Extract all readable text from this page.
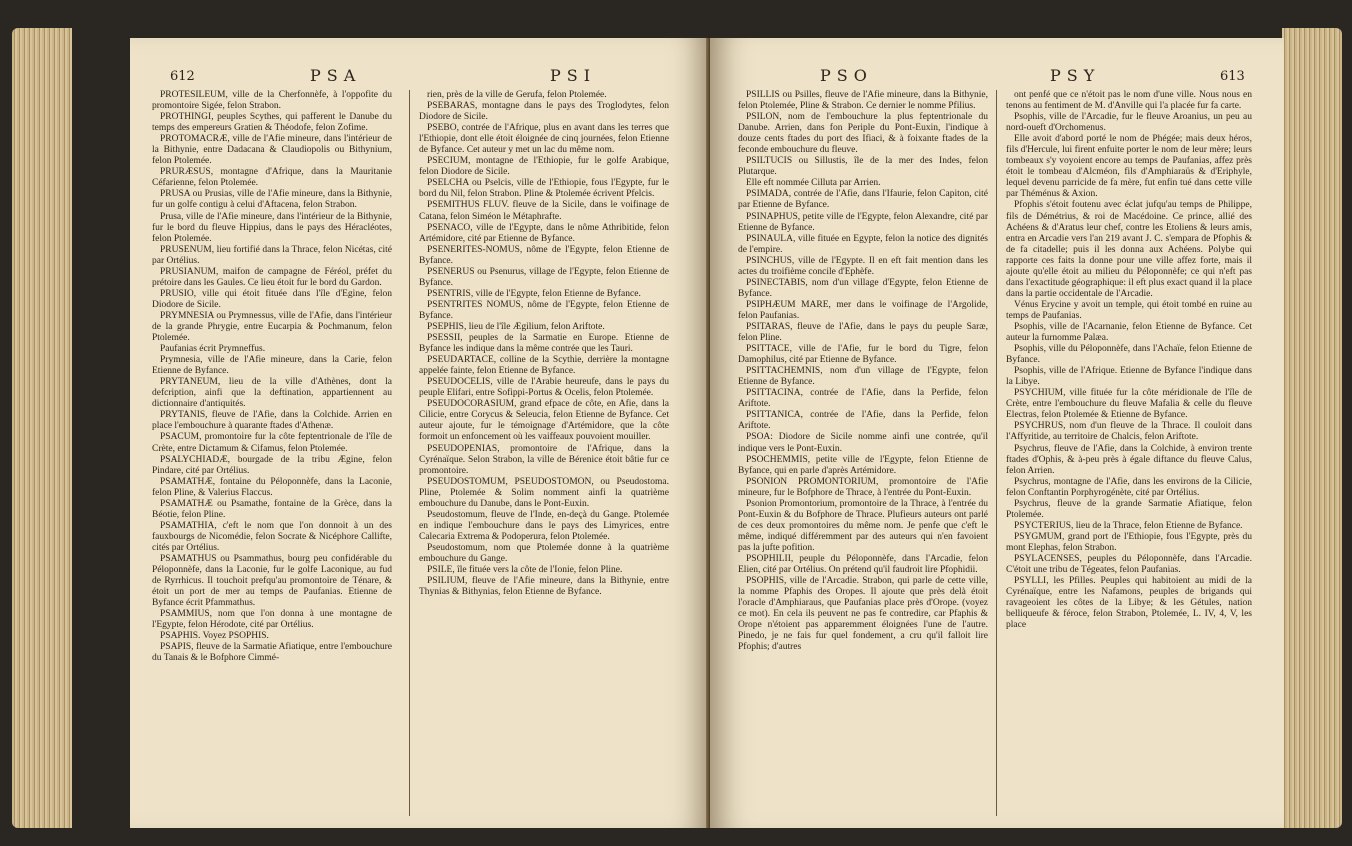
612	PSA	PSI

PROTESILEUM, ville de la Cherfonnèfe, à l'oppofite du promontoire Sigée, felon Strabon.

PROTHINGI, peuples Scythes, qui pafferent le Danube du temps des empereurs Gratien & Théodofe, felon Zofime.

PROTOMACRÆ, ville de l'Afie mineure, dans l'intérieur de la Bithynie, entre Dadacana & Claudiopolis ou Bithynium, felon Ptolemée.

PRURÆSUS, montagne d'Afrique, dans la Mauritanie Céfarienne, felon Ptolemée.

PRUSA ou Prusias, ville de l'Afie mineure, dans la Bithynie, fur un golfe contigu à celui d'Aftacena, felon Strabon.

Prusa, ville de l'Afie mineure, dans l'intérieur de la Bithynie, fur le bord du fleuve Hippius, dans le pays des Héracléotes, felon Ptolemée.

PRUSENUM, lieu fortifié dans la Thrace, felon Nicétas, cité par Ortélius.

PRUSIANUM, maifon de campagne de Féréol, préfet du prétoire dans les Gaules. Ce lieu étoit fur le bord du Gardon.

PRUSIO, ville qui étoit fituée dans l'île d'Egine, felon Diodore de Sicile.

PRYMNESIA ou Prymnessus, ville de l'Afie, dans l'intérieur de la grande Phrygie, entre Eucarpia & Pochmanum, felon Ptolemée.

Paufanias écrit Prymneffus.

Prymnesia, ville de l'Afie mineure, dans la Carie, felon Etienne de Byfance.

PRYTANEUM, lieu de la ville d'Athènes, dont la defcription, ainfi que la deftination, appartiennent au dictionnaire d'antiquités.

PRYTANIS, fleuve de l'Afie, dans la Colchide. Arrien en place l'embouchure à quarante ftades d'Athenæ.

PSACUM, promontoire fur la côte feptentrionale de l'île de Crète, entre Dictamum & Cifamus, felon Ptolemée.

PSALYCHIADÆ, bourgade de la tribu Ægine, felon Pindare, cité par Ortélius.

PSAMATHÆ, fontaine du Péloponnèfe, dans la Laconie, felon Pline, & Valerius Flaccus.

PSAMATHÆ ou Psamathe, fontaine de la Grèce, dans la Béotie, felon Pline.

PSAMATHIA, c'eft le nom que l'on donnoit à un des fauxbourgs de Nicomédie, felon Socrate & Nicéphore Callifte, cités par Ortélius.

PSAMATHUS ou Psammathus, bourg peu confidérable du Péloponnèfe, dans la Laconie, fur le golfe Laconique, au fud de Ryrrhicus. Il touchoit prefqu'au promontoire de Ténare, & étoit un port de mer au temps de Paufanias. Etienne de Byfance écrit Pfammathus.

PSAMMIUS, nom que l'on donna à une montagne de l'Egypte, felon Hérodote, cité par Ortélius.

PSAPHIS. Voyez PSOPHIS.

PSAPIS, fleuve de la Sarmatie Afiatique, entre l'embouchure du Tanais & le Bofphore Cimmé-

rien, près de la ville de Gerufa, felon Ptolemée.

PSEBARAS, montagne dans le pays des Troglodytes, felon Diodore de Sicile.

PSEBO, contrée de l'Afrique, plus en avant dans les terres que l'Ethiopie, dont elle étoit éloignée de cinq journées, felon Etienne de Byfance. Cet auteur y met un lac du même nom.

PSECIUM, montagne de l'Ethiopie, fur le golfe Arabique, felon Diodore de Sicile.

PSELCHA ou Pselcis, ville de l'Ethiopie, fous l'Egypte, fur le bord du Nil, felon Strabon. Pline & Ptolemée écrivent Pfelcis.

PSEMITHUS FLUV. fleuve de la Sicile, dans le voifinage de Catana, felon Siméon le Métaphrafte.

PSENACO, ville de l'Egypte, dans le nôme Athribitide, felon Artémidore, cité par Etienne de Byfance.

PSENERITES-NOMUS, nôme de l'Egypte, felon Etienne de Byfance.

PSENERUS ou Psenurus, village de l'Egypte, felon Etienne de Byfance.

PSENTRIS, ville de l'Egypte, felon Etienne de Byfance.

PSENTRITES NOMUS, nôme de l'Egypte, felon Etienne de Byfance.

PSEPHIS, lieu de l'île Ægilium, felon Ariftote.

PSESSII, peuples de la Sarmatie en Europe. Etienne de Byfance les indique dans la même contrée que les Tauri.

PSEUDARTACE, colline de la Scythie, derrière la montagne appelée fainte, felon Etienne de Byfance.

PSEUDOCELIS, ville de l'Arabie heureufe, dans le pays du peuple Elifari, entre Sofippi-Portus & Ocelis, felon Ptolemée.

PSEUDOCORASIUM, grand efpace de côte, en Afie, dans la Cilicie, entre Corycus & Seleucia, felon Etienne de Byfance. Cet auteur ajoute, fur le témoignage d'Artémidore, que la côte formoit un enfoncement où les vaiffeaux pouvoient mouiller.

PSEUDOPENIAS, promontoire de l'Afrique, dans la Cyrénaïque. Selon Strabon, la ville de Bérenice étoit bâtie fur ce promontoire.

PSEUDOSTOMUM, PSEUDOSTOMON, ou Pseudostoma. Pline, Ptolemée & Solim nomment ainfi la quatrième embouchure du Danube, dans le Pont-Euxin.

Pseudostomum, fleuve de l'Inde, en-deçà du Gange. Ptolemée en indique l'embouchure dans le pays des Limyrices, entre Calecaria Extrema & Podoperura, felon Ptolemée.

Pseudostomum, nom que Ptolemée donne à la quatrième embouchure du Gange.

PSILE, île fituée vers la côte de l'Ionie, felon Pline.

PSILIUM, fleuve de l'Afie mineure, dans la Bithynie, entre Thynias & Bithynias, felon Etienne de Byfance.

PSO	PSY	613

PSILLIS ou Psilles, fleuve de l'Afie mineure, dans la Bithynie, felon Ptolemée, Pline & Strabon. Ce dernier le nomme Pfilius.

PSILON, nom de l'embouchure la plus feptentrionale du Danube. Arrien, dans fon Periple du Pont-Euxin, l'indique à douze cents ftades du port des Ifiaci, & à foixante ftades de la feconde embouchure du fleuve.

PSILTUCIS ou Sillustis, île de la mer des Indes, felon Plutarque.

Elle eft nommée Cilluta par Arrien.

PSIMADA, contrée de l'Afie, dans l'Ifaurie, felon Capiton, cité par Etienne de Byfance.

PSINAPHUS, petite ville de l'Egypte, felon Alexandre, cité par Etienne de Byfance.

PSINAULA, ville fituée en Egypte, felon la notice des dignités de l'empire.

PSINCHUS, ville de l'Egypte. Il en eft fait mention dans les actes du troifième concile d'Ephèfe.

PSINECTABIS, nom d'un village d'Egypte, felon Etienne de Byfance.

PSIPHÆUM MARE, mer dans le voifinage de l'Argolide, felon Paufanias.

PSITARAS, fleuve de l'Afie, dans le pays du peuple Saræ, felon Pline.

PSITTACE, ville de l'Afie, fur le bord du Tigre, felon Damophilus, cité par Etienne de Byfance.

PSITTACHEMNIS, nom d'un village de l'Egypte, felon Etienne de Byfance.

PSITTACINA, contrée de l'Afie, dans la Perfide, felon Ariftote.

PSITTANICA, contrée de l'Afie, dans la Perfide, felon Ariftote.

PSOA: Diodore de Sicile nomme ainfi une contrée, qu'il indique vers le Pont-Euxin.

PSOCHEMMIS, petite ville de l'Egypte, felon Etienne de Byfance, qui en parle d'après Artémidore.

PSONION PROMONTORIUM, promontoire de l'Afie mineure, fur le Bofphore de Thrace, à l'entrée du Pont-Euxin.

Psonion Promontorium, promontoire de la Thrace, à l'entrée du Pont-Euxin & du Bofphore de Thrace. Plufieurs auteurs ont parlé de ces deux promontoires du même nom. Je penfe que c'eft le même, indiqué différemment par des auteurs qui n'en favoient pas la jufte pofition.

PSOPHILII, peuple du Péloponnèfe, dans l'Arcadie, felon Elien, cité par Ortélius. On prétend qu'il faudroit lire Pfophidii.

PSOPHIS, ville de l'Arcadie. Strabon, qui parle de cette ville, la nomme Pfaphis des Oropes. Il ajoute que près delà étoit l'oracle d'Amphiaraus, que Paufanias place près d'Orope. (voyez ce mot). En cela ils peuvent ne pas fe contredire, car Pfaphis & Orope n'étoient pas apparemment éloignées l'une de l'autre. Pinedo, je ne fais fur quel fondement, a cru qu'il falloit lire Pfophis; d'autres

ont penfé que ce n'étoit pas le nom d'une ville. Nous nous en tenons au fentiment de M. d'Anville qui l'a placée fur fa carte.

Psophis, ville de l'Arcadie, fur le fleuve Aroanius, un peu au nord-oueft d'Orchomenus.

Elle avoit d'abord porté le nom de Phégée; mais deux héros, fils d'Hercule, lui firent enfuite porter le nom de leur mère; leurs tombeaux s'y voyoient encore au temps de Paufanias, affez près étoit le tombeau d'Alcméon, fils d'Amphiaraüs & d'Eriphyle, lequel devenu parricide de fa mère, fut enfin tué dans cette ville par Théménus & Axion.

Pfophis s'étoit foutenu avec éclat jufqu'au temps de Philippe, fils de Démétrius, & roi de Macédoine. Ce prince, allié des Achéens & d'Aratus leur chef, contre les Etoliens & leurs amis, entra en Arcadie vers l'an 219 avant J. C. s'empara de Pfophis & de fa citadelle; puis il les donna aux Achéens. Polybe qui rapporte ces faits la donne pour une ville affez forte, mais il ajoute qu'elle étoit au milieu du Péloponnèfe; ce qui n'eft pas dans l'exactitude géographique: il eft plus exact quand il la place dans la partie occidentale de l'Arcadie.

Vénus Erycine y avoit un temple, qui étoit tombé en ruine au temps de Paufanias.

Psophis, ville de l'Acarnanie, felon Etienne de Byfance. Cet auteur la furnomme Palæa.

Psophis, ville du Péloponnèfe, dans l'Achaïe, felon Etienne de Byfance.

Psophis, ville de l'Afrique. Etienne de Byfance l'indique dans la Libye.

PSYCHIUM, ville fituée fur la côte méridionale de l'île de Crète, entre l'embouchure du fleuve Mafalia & celle du fleuve Electras, felon Ptolemée & Etienne de Byfance.

PSYCHRUS, nom d'un fleuve de la Thrace. Il couloit dans l'Affyritide, au territoire de Chalcis, felon Ariftote.

Psychrus, fleuve de l'Afie, dans la Colchide, à environ trente ftades d'Ophis, & à-peu près à égale diftance du fleuve Calus, felon Arrien.

Psychrus, montagne de l'Afie, dans les environs de la Cilicie, felon Conftantin Porphyrogénète, cité par Ortélius.

Psychrus, fleuve de la grande Sarmatie Afiatique, felon Ptolemée.

PSYCTERIUS, lieu de la Thrace, felon Etienne de Byfance.

PSYGMUM, grand port de l'Ethiopie, fous l'Egypte, près du mont Elephas, felon Strabon.

PSYLACENSES, peuples du Péloponnèfe, dans l'Arcadie. C'étoit une tribu de Tégeates, felon Paufanias.

PSYLLI, les Pfilles. Peuples qui habitoient au midi de la Cyrénaïque, entre les Nafamons, peuples de brigands qui ravageoient les côtes de la Libye; & les Gétules, nation belliqueufe & féroce, felon Strabon, Ptolemée, L. IV, 4, V, les place
